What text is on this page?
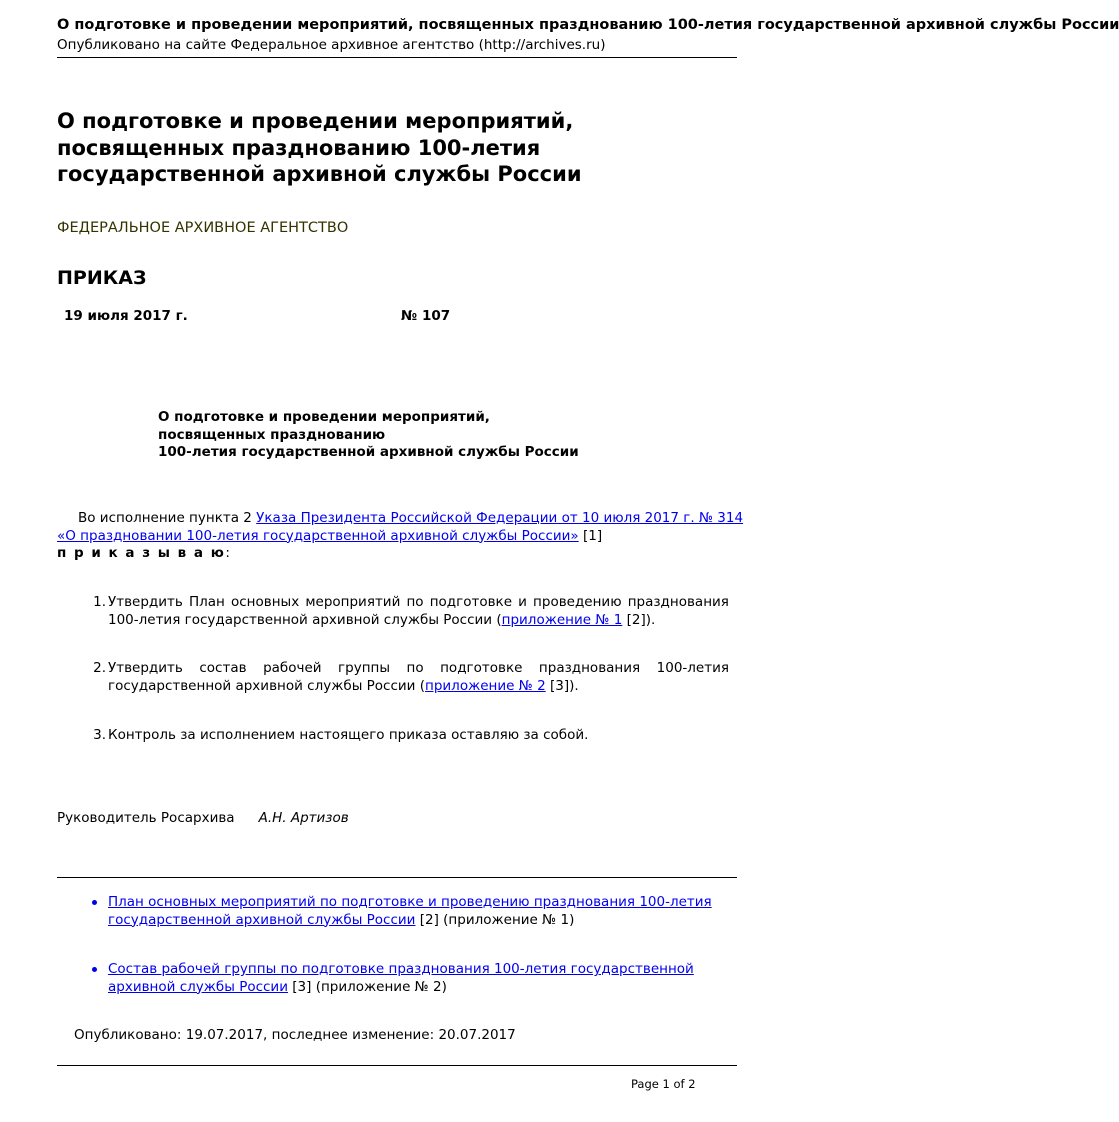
О подготовке и проведении мероприятий, посвященных празднованию 100-летия государственной архивной службы России
Опубликовано на сайте Федеральное архивное агентство (http://archives.ru)
О подготовке и проведении мероприятий,
посвященных празднованию 100-летия
государственной архивной службы России
ФЕДЕРАЛЬНОЕ АРХИВНОЕ АГЕНТСТВО
ПРИКАЗ
19 июля 2017 г.	№ 107
О подготовке и проведении мероприятий,
посвященных празднованию
100-летия государственной архивной службы России
Во исполнение пункта 2 Указа Президента Российской Федерации от 10 июля 2017 г. № 314
«О праздновании 100-летия государственной архивной службы России» [1]
п р и к а з ы в а ю:
1. Утвердить План основных мероприятий по подготовке и проведению празднования
100-летия государственной архивной службы России (приложение № 1 [2]).
2. Утвердить состав рабочей группы по подготовке празднования 100-летия
государственной архивной службы России (приложение № 2 [3]).
3. Контроль за исполнением настоящего приказа оставляю за собой.
Руководитель Росархива А.Н. Артизов
План основных мероприятий по подготовке и проведению празднования 100-летия
государственной архивной службы России [2] (приложение № 1)
Состав рабочей группы по подготовке празднования 100-летия государственной
архивной службы России [3] (приложение № 2)
Опубликовано: 19.07.2017, последнее изменение: 20.07.2017
Page 1 of 2
